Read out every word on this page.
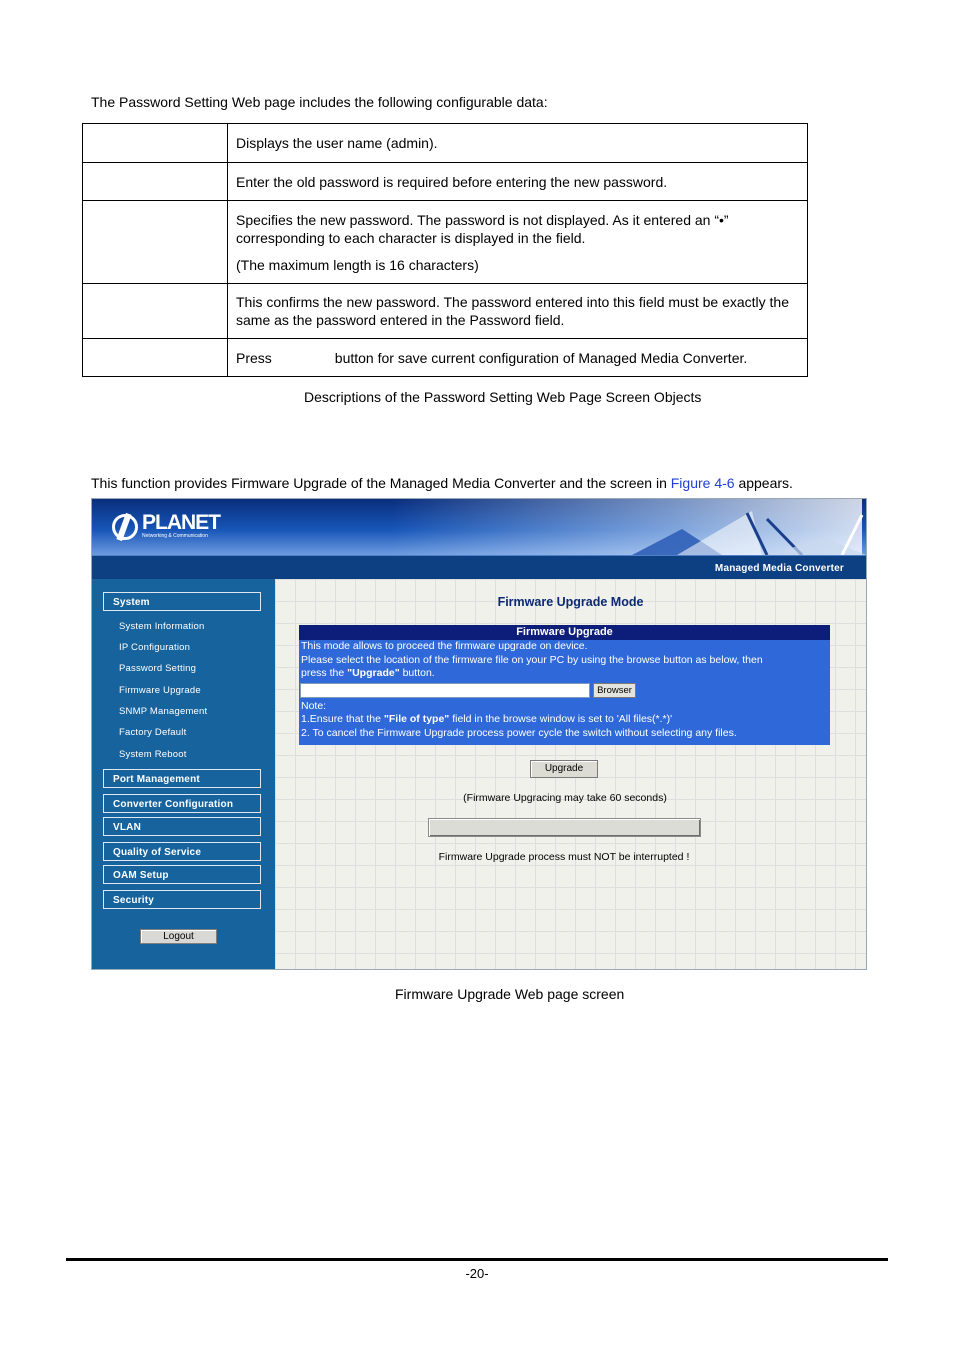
The Password Setting Web page includes the following configurable data:

	Displays the user name (admin).

	Enter the old password is required before entering the new password.

	Specifies the new password. The password is not displayed. As it entered an “•” corresponding to each character is displayed in the field.

(The maximum length is 16 characters)

	This confirms the new password. The password entered into this field must be exactly the same as the password entered in the Password field.

	Press button for save current configuration of Managed Media Converter.
Descriptions of the Password Setting Web Page Screen Objects
This function provides Firmware Upgrade of the Managed Media Converter and the screen in Figure 4-6 appears.
PLANET
Networking & Communication
Managed Media Converter
System
System Information
IP Configuration
Password Setting
Firmware Upgrade
SNMP Management
Factory Default
System Reboot
Port Management
Converter Configuration
VLAN
Quality of Service
OAM Setup
Security
Logout
Firmware Upgrade Mode
Firmware Upgrade
This mode allows to proceed the firmware upgrade on device.
Please select the location of the firmware file on your PC by using the browse button as below, then
press the "Upgrade" button.
Browser
Note:
1.Ensure that the "File of type" field in the browse window is set to 'All files(*.*)'
2. To cancel the Firmware Upgrade process power cycle the switch without selecting any files.
Upgrade
(Firmware Upgracing may take 60 seconds)
Firmware Upgrade process must NOT be interrupted !
Firmware Upgrade Web page screen
-20-
